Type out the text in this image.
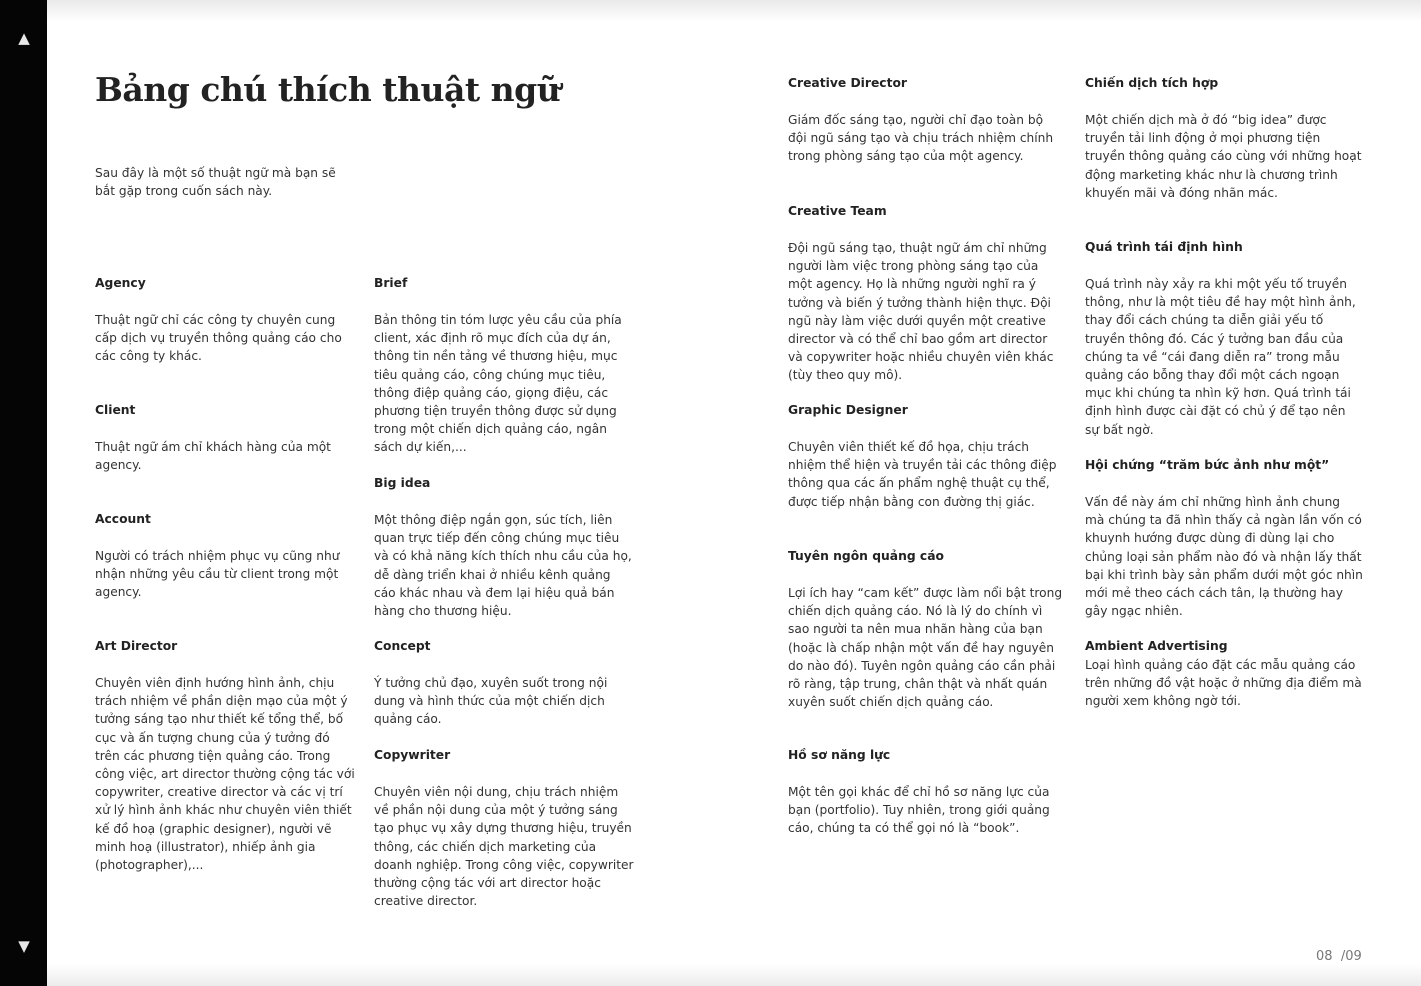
▲
▼
Bảng chú thích thuật ngữ

Sau đây là một số thuật ngữ mà bạn sẽ bắt gặp trong cuốn sách này.

Agency

Thuật ngữ chỉ các công ty chuyên cung cấp dịch vụ truyền thông quảng cáo cho các công ty khác.

Client

Thuật ngữ ám chỉ khách hàng của một agency.

Account

Người có trách nhiệm phục vụ cũng như nhận những yêu cầu từ client trong một agency.

Art Director

Chuyên viên định hướng hình ảnh, chịu trách nhiệm về phần diện mạo của một ý tưởng sáng tạo như thiết kế tổng thể, bố cục và ấn tượng chung của ý tưởng đó trên các phương tiện quảng cáo. Trong công việc, art director thường cộng tác với copywriter, creative director và các vị trí xử lý hình ảnh khác như chuyên viên thiết kế đồ hoạ (graphic designer), người vẽ minh hoạ (illustrator), nhiếp ảnh gia (photographer),...

Brief

Bản thông tin tóm lược yêu cầu của phía client, xác định rõ mục đích của dự án, thông tin nền tảng về thương hiệu, mục tiêu quảng cáo, công chúng mục tiêu, thông điệp quảng cáo, giọng điệu, các phương tiện truyền thông được sử dụng trong một chiến dịch quảng cáo, ngân sách dự kiến,...

Big idea

Một thông điệp ngắn gọn, súc tích, liên quan trực tiếp đến công chúng mục tiêu và có khả năng kích thích nhu cầu của họ, dễ dàng triển khai ở nhiều kênh quảng cáo khác nhau và đem lại hiệu quả bán hàng cho thương hiệu.

Concept

Ý tưởng chủ đạo, xuyên suốt trong nội dung và hình thức của một chiến dịch quảng cáo.

Copywriter

Chuyên viên nội dung, chịu trách nhiệm về phần nội dung của một ý tưởng sáng tạo phục vụ xây dựng thương hiệu, truyền thông, các chiến dịch marketing của doanh nghiệp. Trong công việc, copywriter thường cộng tác với art director hoặc creative director.

Creative Director

Giám đốc sáng tạo, người chỉ đạo toàn bộ đội ngũ sáng tạo và chịu trách nhiệm chính trong phòng sáng tạo của một agency.

Creative Team

Đội ngũ sáng tạo, thuật ngữ ám chỉ những người làm việc trong phòng sáng tạo của một agency. Họ là những người nghĩ ra ý tưởng và biến ý tưởng thành hiện thực. Đội ngũ này làm việc dưới quyền một creative director và có thể chỉ bao gồm art director và copywriter hoặc nhiều chuyên viên khác (tùy theo quy mô).

Graphic Designer

Chuyên viên thiết kế đồ họa, chịu trách nhiệm thể hiện và truyền tải các thông điệp thông qua các ấn phẩm nghệ thuật cụ thể, được tiếp nhận bằng con đường thị giác.

Tuyên ngôn quảng cáo

Lợi ích hay “cam kết” được làm nổi bật trong chiến dịch quảng cáo. Nó là lý do chính vì sao người ta nên mua nhãn hàng của bạn (hoặc là chấp nhận một vấn đề hay nguyên do nào đó). Tuyên ngôn quảng cáo cần phải rõ ràng, tập trung, chân thật và nhất quán xuyên suốt chiến dịch quảng cáo.

Hồ sơ năng lực

Một tên gọi khác để chỉ hồ sơ năng lực của bạn (portfolio). Tuy nhiên, trong giới quảng cáo, chúng ta có thể gọi nó là “book”.

Chiến dịch tích hợp

Một chiến dịch mà ở đó “big idea” được truyền tải linh động ở mọi phương tiện truyền thông quảng cáo cùng với những hoạt động marketing khác như là chương trình khuyến mãi và đóng nhãn mác.

Quá trình tái định hình

Quá trình này xảy ra khi một yếu tố truyền thông, như là một tiêu đề hay một hình ảnh, thay đổi cách chúng ta diễn giải yếu tố truyền thông đó. Các ý tưởng ban đầu của chúng ta về “cái đang diễn ra” trong mẫu quảng cáo bỗng thay đổi một cách ngoạn mục khi chúng ta nhìn kỹ hơn. Quá trình tái định hình được cài đặt có chủ ý để tạo nên sự bất ngờ.

Hội chứng “trăm bức ảnh như một”

Vấn đề này ám chỉ những hình ảnh chung mà chúng ta đã nhìn thấy cả ngàn lần vốn có khuynh hướng được dùng đi dùng lại cho chủng loại sản phẩm nào đó và nhận lấy thất bại khi trình bày sản phẩm dưới một góc nhìn mới mẻ theo cách cách tân, lạ thường hay gây ngạc nhiên.

Ambient Advertising

Loại hình quảng cáo đặt các mẫu quảng cáo trên những đồ vật hoặc ở những địa điểm mà người xem không ngờ tới.

08 /09
